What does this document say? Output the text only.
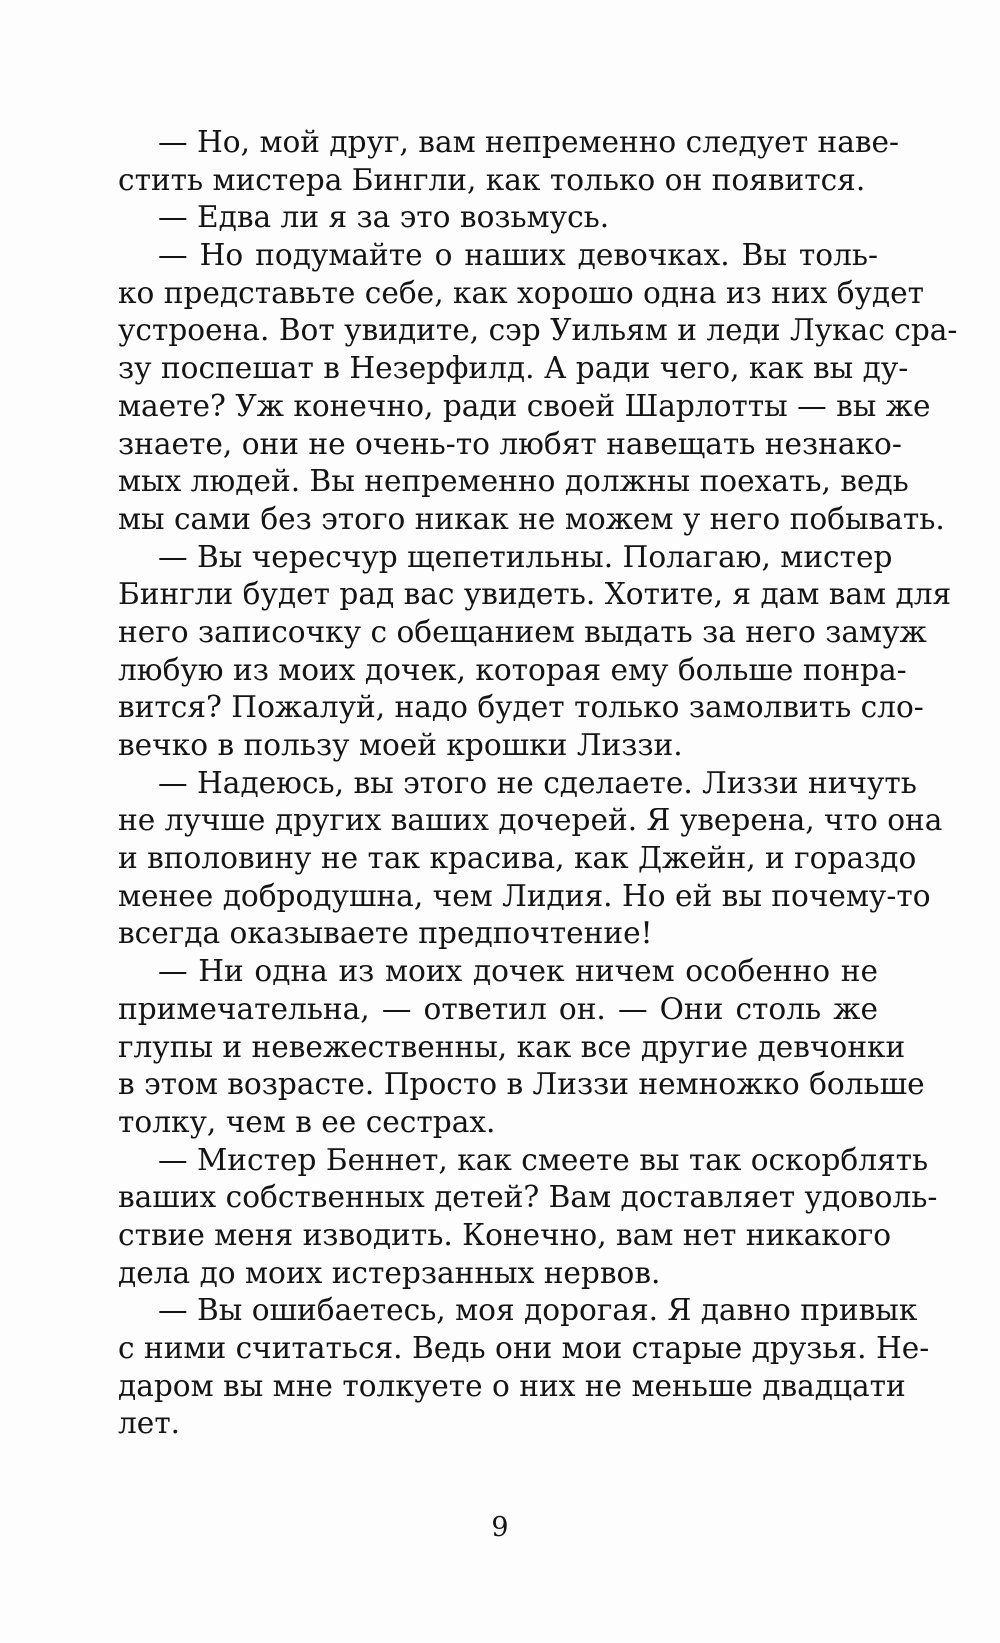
— Но, мой друг, вам непременно следует наве-
стить мистера Бингли, как только он появится.
— Едва ли я за это возьмусь.
— Но подумайте о наших девочках. Вы толь-
ко представьте себе, как хорошо одна из них будет
устроена. Вот увидите, сэр Уильям и леди Лукас сра-
зу поспешат в Незерфилд. А ради чего, как вы ду-
маете? Уж конечно, ради своей Шарлотты — вы же
знаете, они не очень-то любят навещать незнако-
мых людей. Вы непременно должны поехать, ведь
мы сами без этого никак не можем у него побывать.
— Вы чересчур щепетильны. Полагаю, мистер
Бингли будет рад вас увидеть. Хотите, я дам вам для
него записочку с обещанием выдать за него замуж
любую из моих дочек, которая ему больше понра-
вится? Пожалуй, надо будет только замолвить сло-
вечко в пользу моей крошки Лиззи.
— Надеюсь, вы этого не сделаете. Лиззи ничуть
не лучше других ваших дочерей. Я уверена, что она
и вполовину не так красива, как Джейн, и гораздо
менее добродушна, чем Лидия. Но ей вы почему-то
всегда оказываете предпочтение!
— Ни одна из моих дочек ничем особенно не
примечательна, — ответил он. — Они столь же
глупы и невежественны, как все другие девчонки
в этом возрасте. Просто в Лиззи немножко больше
толку, чем в ее сестрах.
— Мистер Беннет, как смеете вы так оскорблять
ваших собственных детей? Вам доставляет удоволь-
ствие меня изводить. Конечно, вам нет никакого
дела до моих истерзанных нервов.
— Вы ошибаетесь, моя дорогая. Я давно привык
с ними считаться. Ведь они мои старые друзья. Не-
даром вы мне толкуете о них не меньше двадцати
лет.
9
